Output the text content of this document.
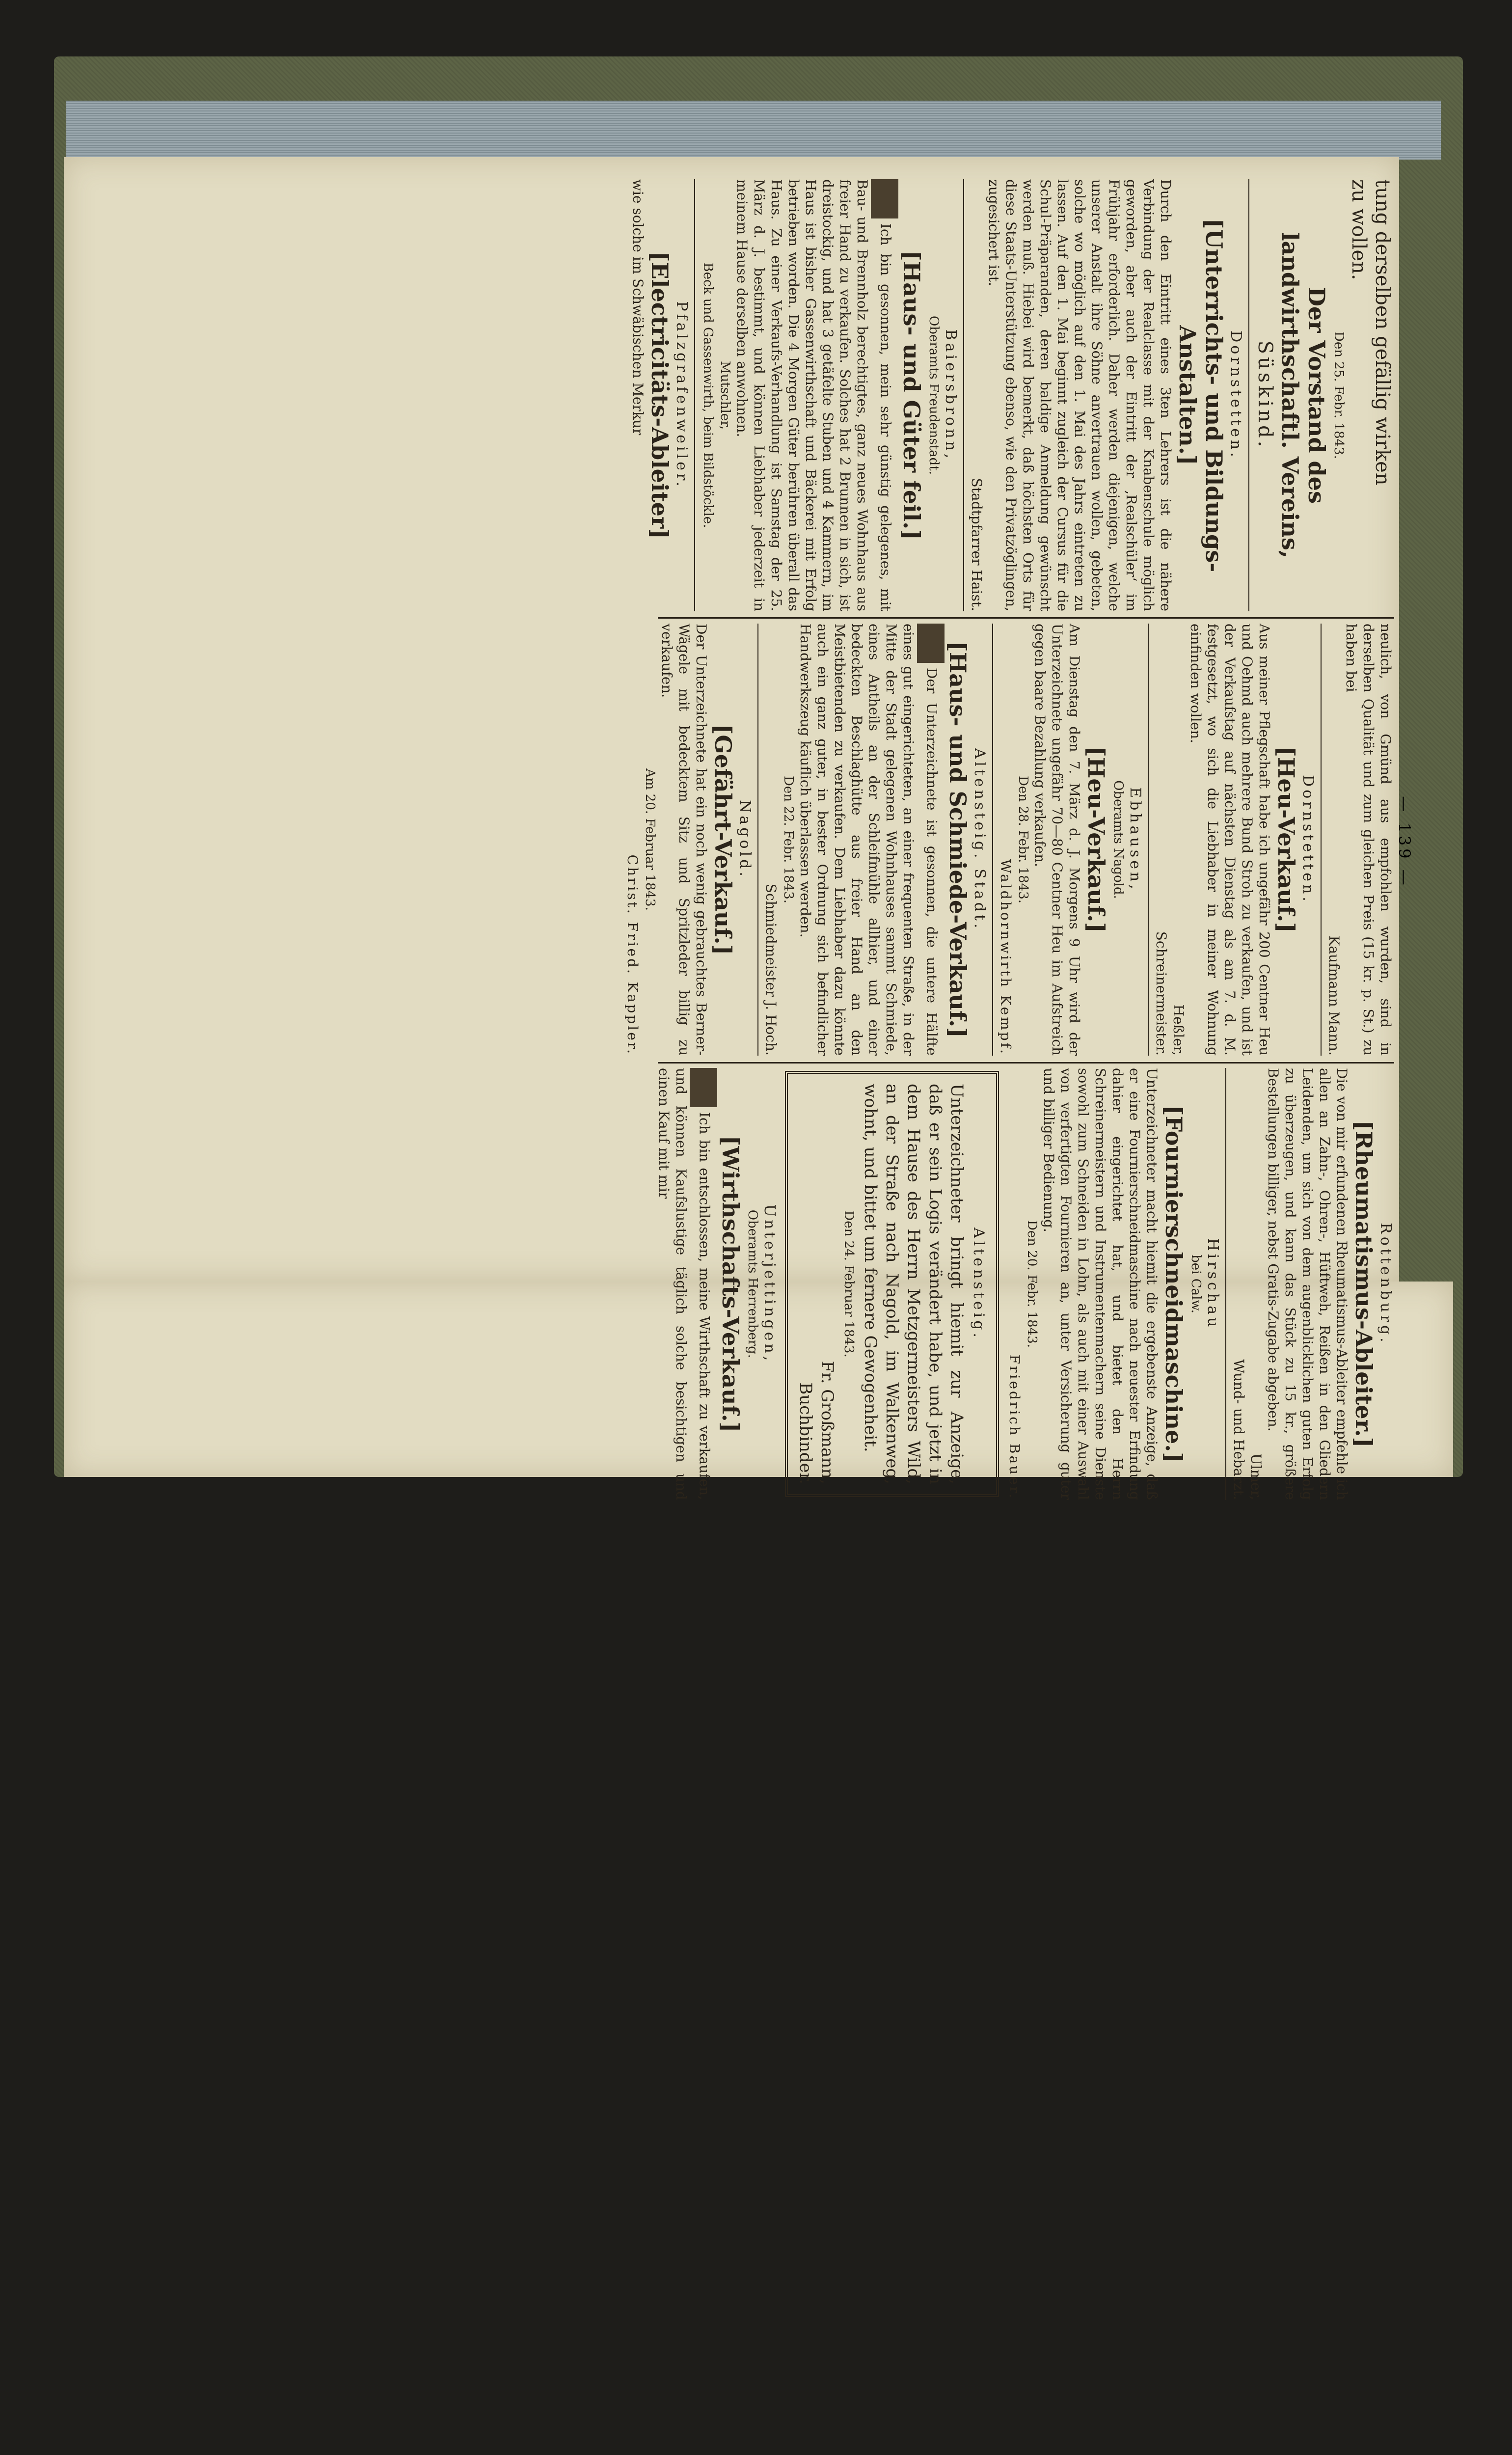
— 139 —
tung derselben gefällig wirken
zu wollen.
Den 25. Febr. 1843.
Der Vorstand des landwirthschaftl. Vereins,
Süskind.
Dornstetten.
[Unterrichts- und Bildungs-Anstalten.]
Durch den Eintritt eines 3ten Lehrers ist die nähere Verbindung der Realclasse mit der Knabenschule möglich geworden, aber auch der Eintritt der ‚Realschüler‘ im Frühjahr erforderlich. Daher werden diejenigen, welche unserer Anstalt ihre Söhne anvertrauen wollen, gebeten, solche wo möglich auf den 1. Mai des Jahrs eintreten zu lassen. Auf den 1. Mai beginnt zugleich der Cursus für die Schul-Präparanden, deren baldige Anmeldung gewünscht werden muß. Hiebei wird bemerkt, daß höchsten Orts für diese Staats-Unterstützung ebenso, wie den Privatzöglingen, zugesichert ist.
Stadtpfarrer Haist.
Baiersbronn,
Oberamts Freudenstadt.
[Haus- und Güter feil.]
Ich bin gesonnen, mein sehr günstig gelegenes, mit Bau- und Brennholz berechtigtes, ganz neues Wohnhaus aus freier Hand zu verkaufen. Solches hat 2 Brunnen in sich, ist dreistockig, und hat 3 getäfelte Stuben und 4 Kammern, im Haus ist bisher Gassenwirthschaft und Bäckerei mit Erfolg betrieben worden. Die 4 Morgen Güter berühren überall das Haus. Zu einer Verkaufs-Verhandlung ist Samstag der 25. März d. J. bestimmt, und können Liebhaber jederzeit in meinem Hause derselben anwohnen.
Mutschler,
Beck und Gassenwirth, beim Bildstöckle.
Pfalzgrafenweiler.
[Electricitäts-Ableiter]
wie solche im Schwäbischen Merkur
neulich, von Gmünd aus empfohlen wurden, sind in derselben Qualität und zum gleichen Preis (15 kr. p. St.) zu haben bei
Kaufmann Mann.
Dornstetten.
[Heu-Verkauf.]
Aus meiner Pflegschaft habe ich ungefähr 200 Centner Heu und Oehmd auch mehrere Bund Stroh zu verkaufen, und ist der Verkaufstag auf nächsten Dienstag als am 7. d. M. festgesetzt, wo sich die Liebhaber in meiner Wohnung einfinden wollen.
Heßler,
Schreinermeister.
Ebhausen,
Oberamts Nagold.
[Heu-Verkauf.]
Am Dienstag den 7. März d. J. Morgens 9 Uhr wird der Unterzeichnete ungefähr 70—80 Centner Heu im Aufstreich gegen baare Bezahlung verkaufen.
Den 28. Febr. 1843.
Waldhornwirth Kempf.
Altensteig. Stadt.
[Haus- und Schmiede-Verkauf.]
Der Unterzeichnete ist gesonnen, die untere Hälfte eines gut eingerichteten, an einer frequenten Straße, in der Mitte der Stadt gelegenen Wohnhauses sammt Schmiede, eines Antheils an der Schleifmühle allhier, und einer bedeckten Beschlaghütte aus freier Hand an den Meistbietenden zu verkaufen. Dem Liebhaber dazu könnte auch ein ganz guter, in bester Ordnung sich befindlicher Handwerkszeug käuflich überlassen werden.
Den 22. Febr. 1843.
Schmiedmeister J. Hoch.
Nagold.
[Gefährt-Verkauf.]
Der Unterzeichnete hat ein noch wenig gebrauchtes Berner-Wägele mit bedecktem Sitz und Spritzleder billig zu verkaufen.
Am 20. Februar 1843.
Christ. Fried. Kappler.
Rottenburg.
[Rheumatismus-Ableiter.]
Die von mir erfundenen Rheumatismus-Ableiter empfehle ich allen an Zahn-, Ohren-, Hüftweh, Reißen in den Gliedern Leidenden, um sich von dem augenblicklichen guten Erfolg zu überzeugen, und kann das Stück zu 15 kr., größere Bestellungen billiger, nebst Gratis-Zugabe abgeben.
Ulmer,
Wund- und Hebarzt.
Hirschau
bei Calw.
[Fournierschneidmaschine.]
Unterzeichneter macht hiemit die ergebenste Anzeige, daß er eine Fournierschneidmaschine nach neuester Erfindung dahier eingerichtet hat, und bietet den Herrn Schreinermeistern und Instrumentenmachern seine Dienste sowohl zum Schneiden in Lohn, als auch mit einer Auswahl von verfertigten Fournieren an, unter Versicherung guter und billiger Bedienung.
Den 20. Febr. 1843.
Friedrich Bauer.
Altensteig.
Unterzeichneter bringt hiemit zur Anzeige, daß er sein Logis verändert habe, und jetzt in dem Hause des Herrn Metzgermeisters Wild, an der Straße nach Nagold, im Walkenweg, wohnt, und bittet um fernere Gewogenheit.
Den 24. Februar 1843.
Fr. Großmann,
Buchbinder.
Unterjettingen,
Oberamts Herrenberg.
[Wirthschafts-Verkauf.]
Ich bin entschlossen, meine Wirthschaft zu verkaufen, und können Kaufslustige täglich solche besichtigen und einen Kauf mit mir
